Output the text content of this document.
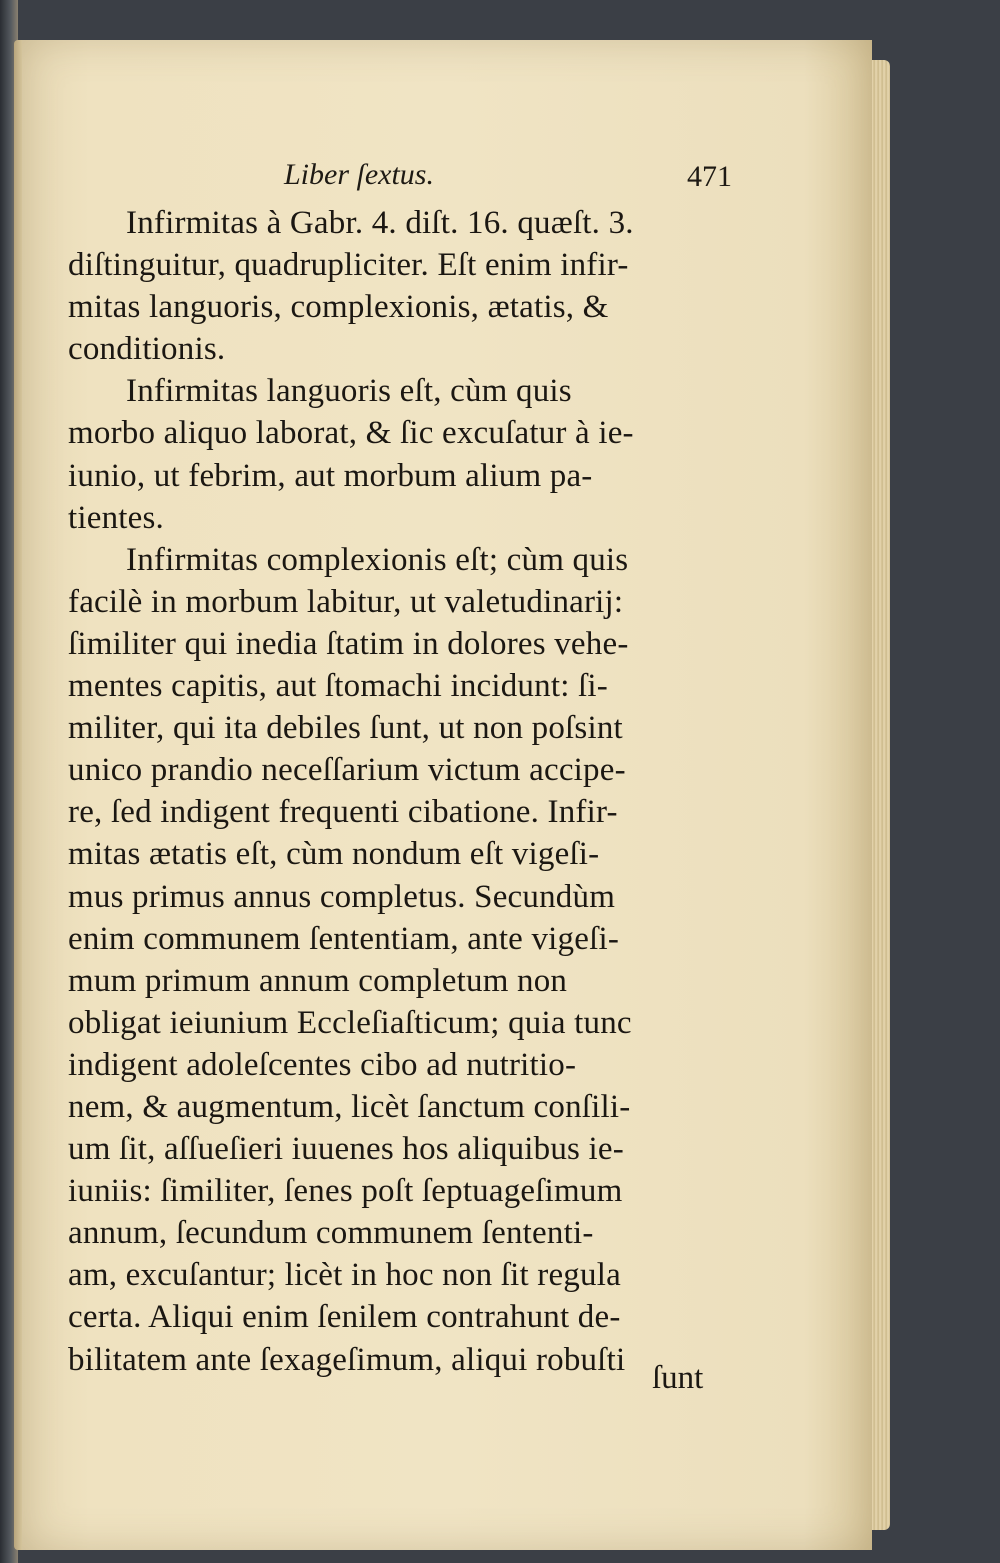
Liber ſextus.	471
Infirmitas à Gabr. 4. diſt. 16. quæſt. 3.
diſtinguitur, quadrupliciter. Eſt enim infir-
mitas languoris, complexionis, ætatis, &
conditionis.
Infirmitas languoris eſt, cùm quis
morbo aliquo laborat, & ſic excuſatur à ie-
iunio, ut febrim, aut morbum alium pa-
tientes.
Infirmitas complexionis eſt; cùm quis
facilè in morbum labitur, ut valetudinarij:
ſimiliter qui inedia ſtatim in dolores vehe-
mentes capitis, aut ſtomachi incidunt: ſi-
militer, qui ita debiles ſunt, ut non poſsint
unico prandio neceſſarium victum accipe-
re, ſed indigent frequenti cibatione. Infir-
mitas ætatis eſt, cùm nondum eſt vigeſi-
mus primus annus completus. Secundùm
enim communem ſententiam, ante vigeſi-
mum primum annum completum non
obligat ieiunium Eccleſiaſticum; quia tunc
indigent adoleſcentes cibo ad nutritio-
nem, & augmentum, licèt ſanctum conſili-
um ſit, aſſueſieri iuuenes hos aliquibus ie-
iuniis: ſimiliter, ſenes poſt ſeptuageſimum
annum, ſecundum communem ſententi-
am, excuſantur; licèt in hoc non ſit regula
certa. Aliqui enim ſenilem contrahunt de-
bilitatem ante ſexageſimum, aliqui robuſti
ſunt
